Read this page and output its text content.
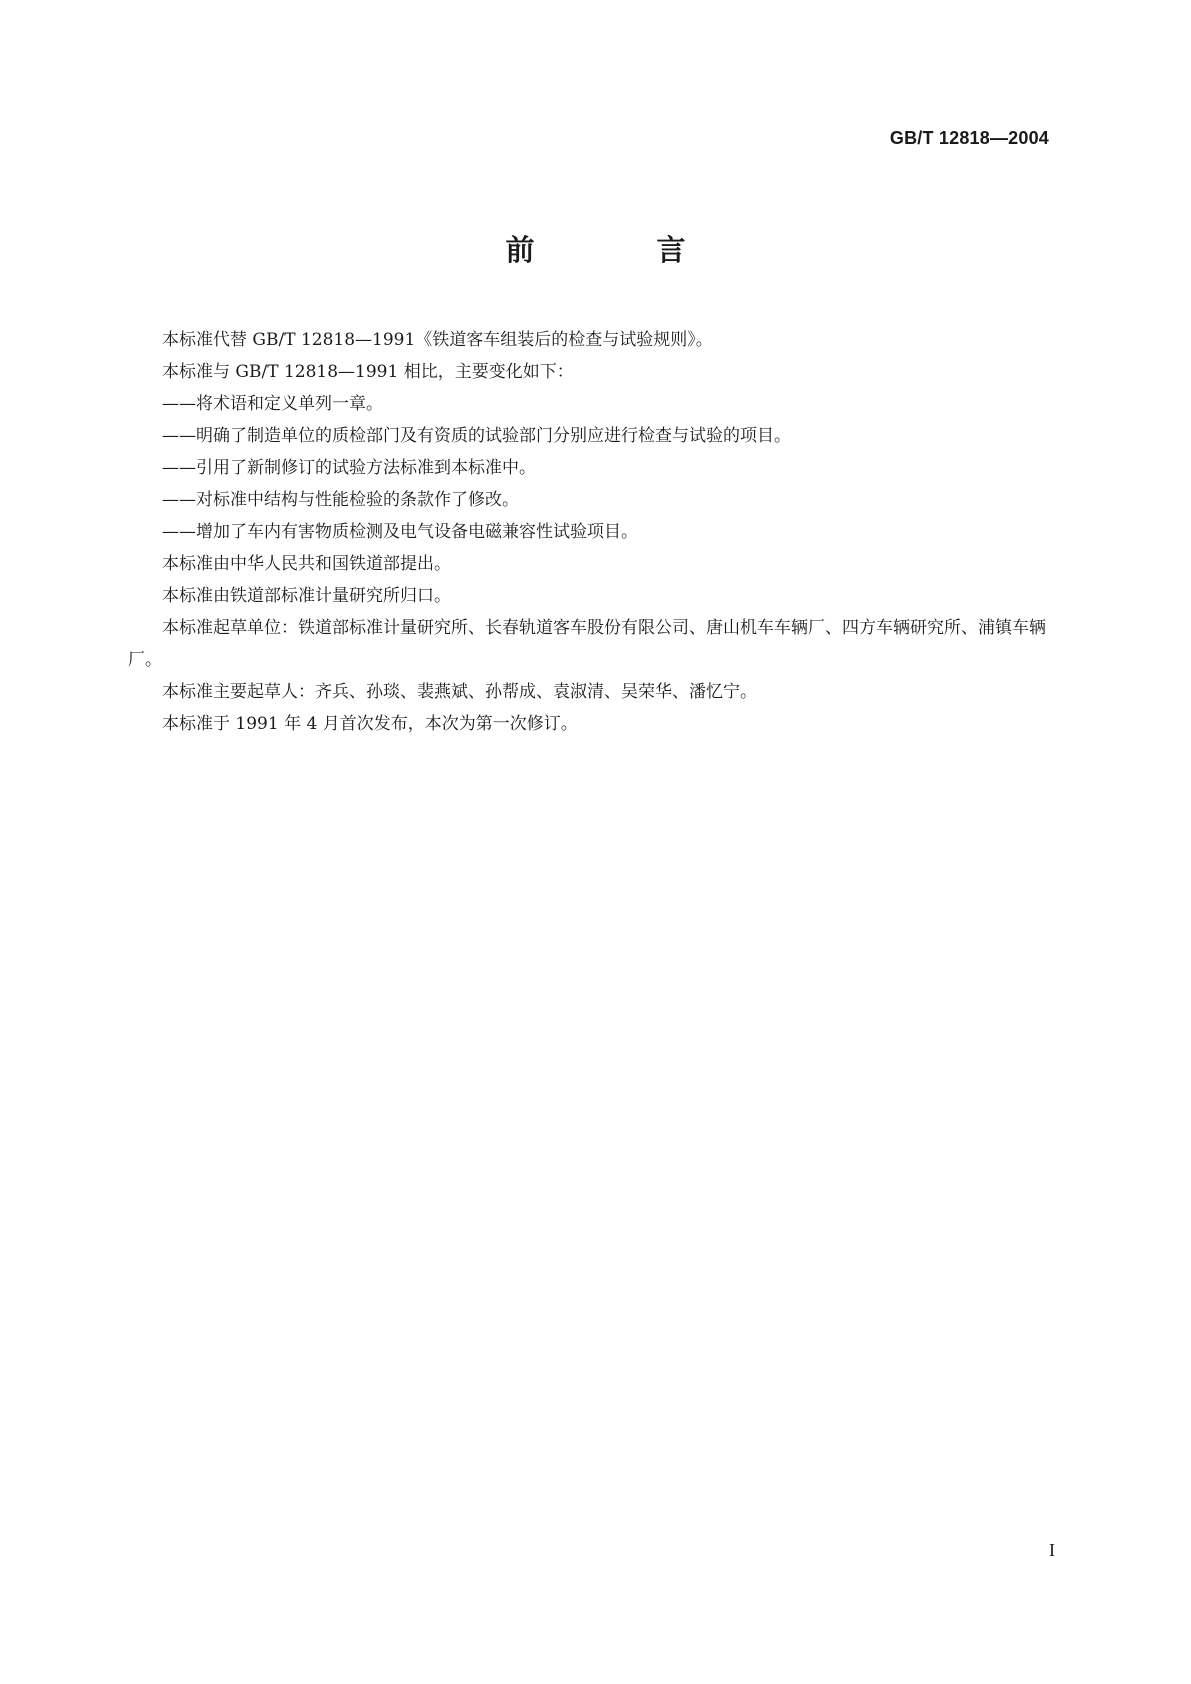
GB/T 12818—2004
前 言

本标准代替 GB/T 12818—1991《铁道客车组装后的检查与试验规则》。

本标准与 GB/T 12818—1991 相比，主要变化如下：

——将术语和定义单列一章。

——明确了制造单位的质检部门及有资质的试验部门分别应进行检查与试验的项目。

——引用了新制修订的试验方法标准到本标准中。

——对标准中结构与性能检验的条款作了修改。

——增加了车内有害物质检测及电气设备电磁兼容性试验项目。

本标准由中华人民共和国铁道部提出。

本标准由铁道部标准计量研究所归口。

本标准起草单位：铁道部标准计量研究所、长春轨道客车股份有限公司、唐山机车车辆厂、四方车辆研究所、浦镇车辆厂。

本标准主要起草人：齐兵、孙琰、裴燕斌、孙帮成、袁淑清、吴荣华、潘忆宁。

本标准于 1991 年 4 月首次发布，本次为第一次修订。

I
